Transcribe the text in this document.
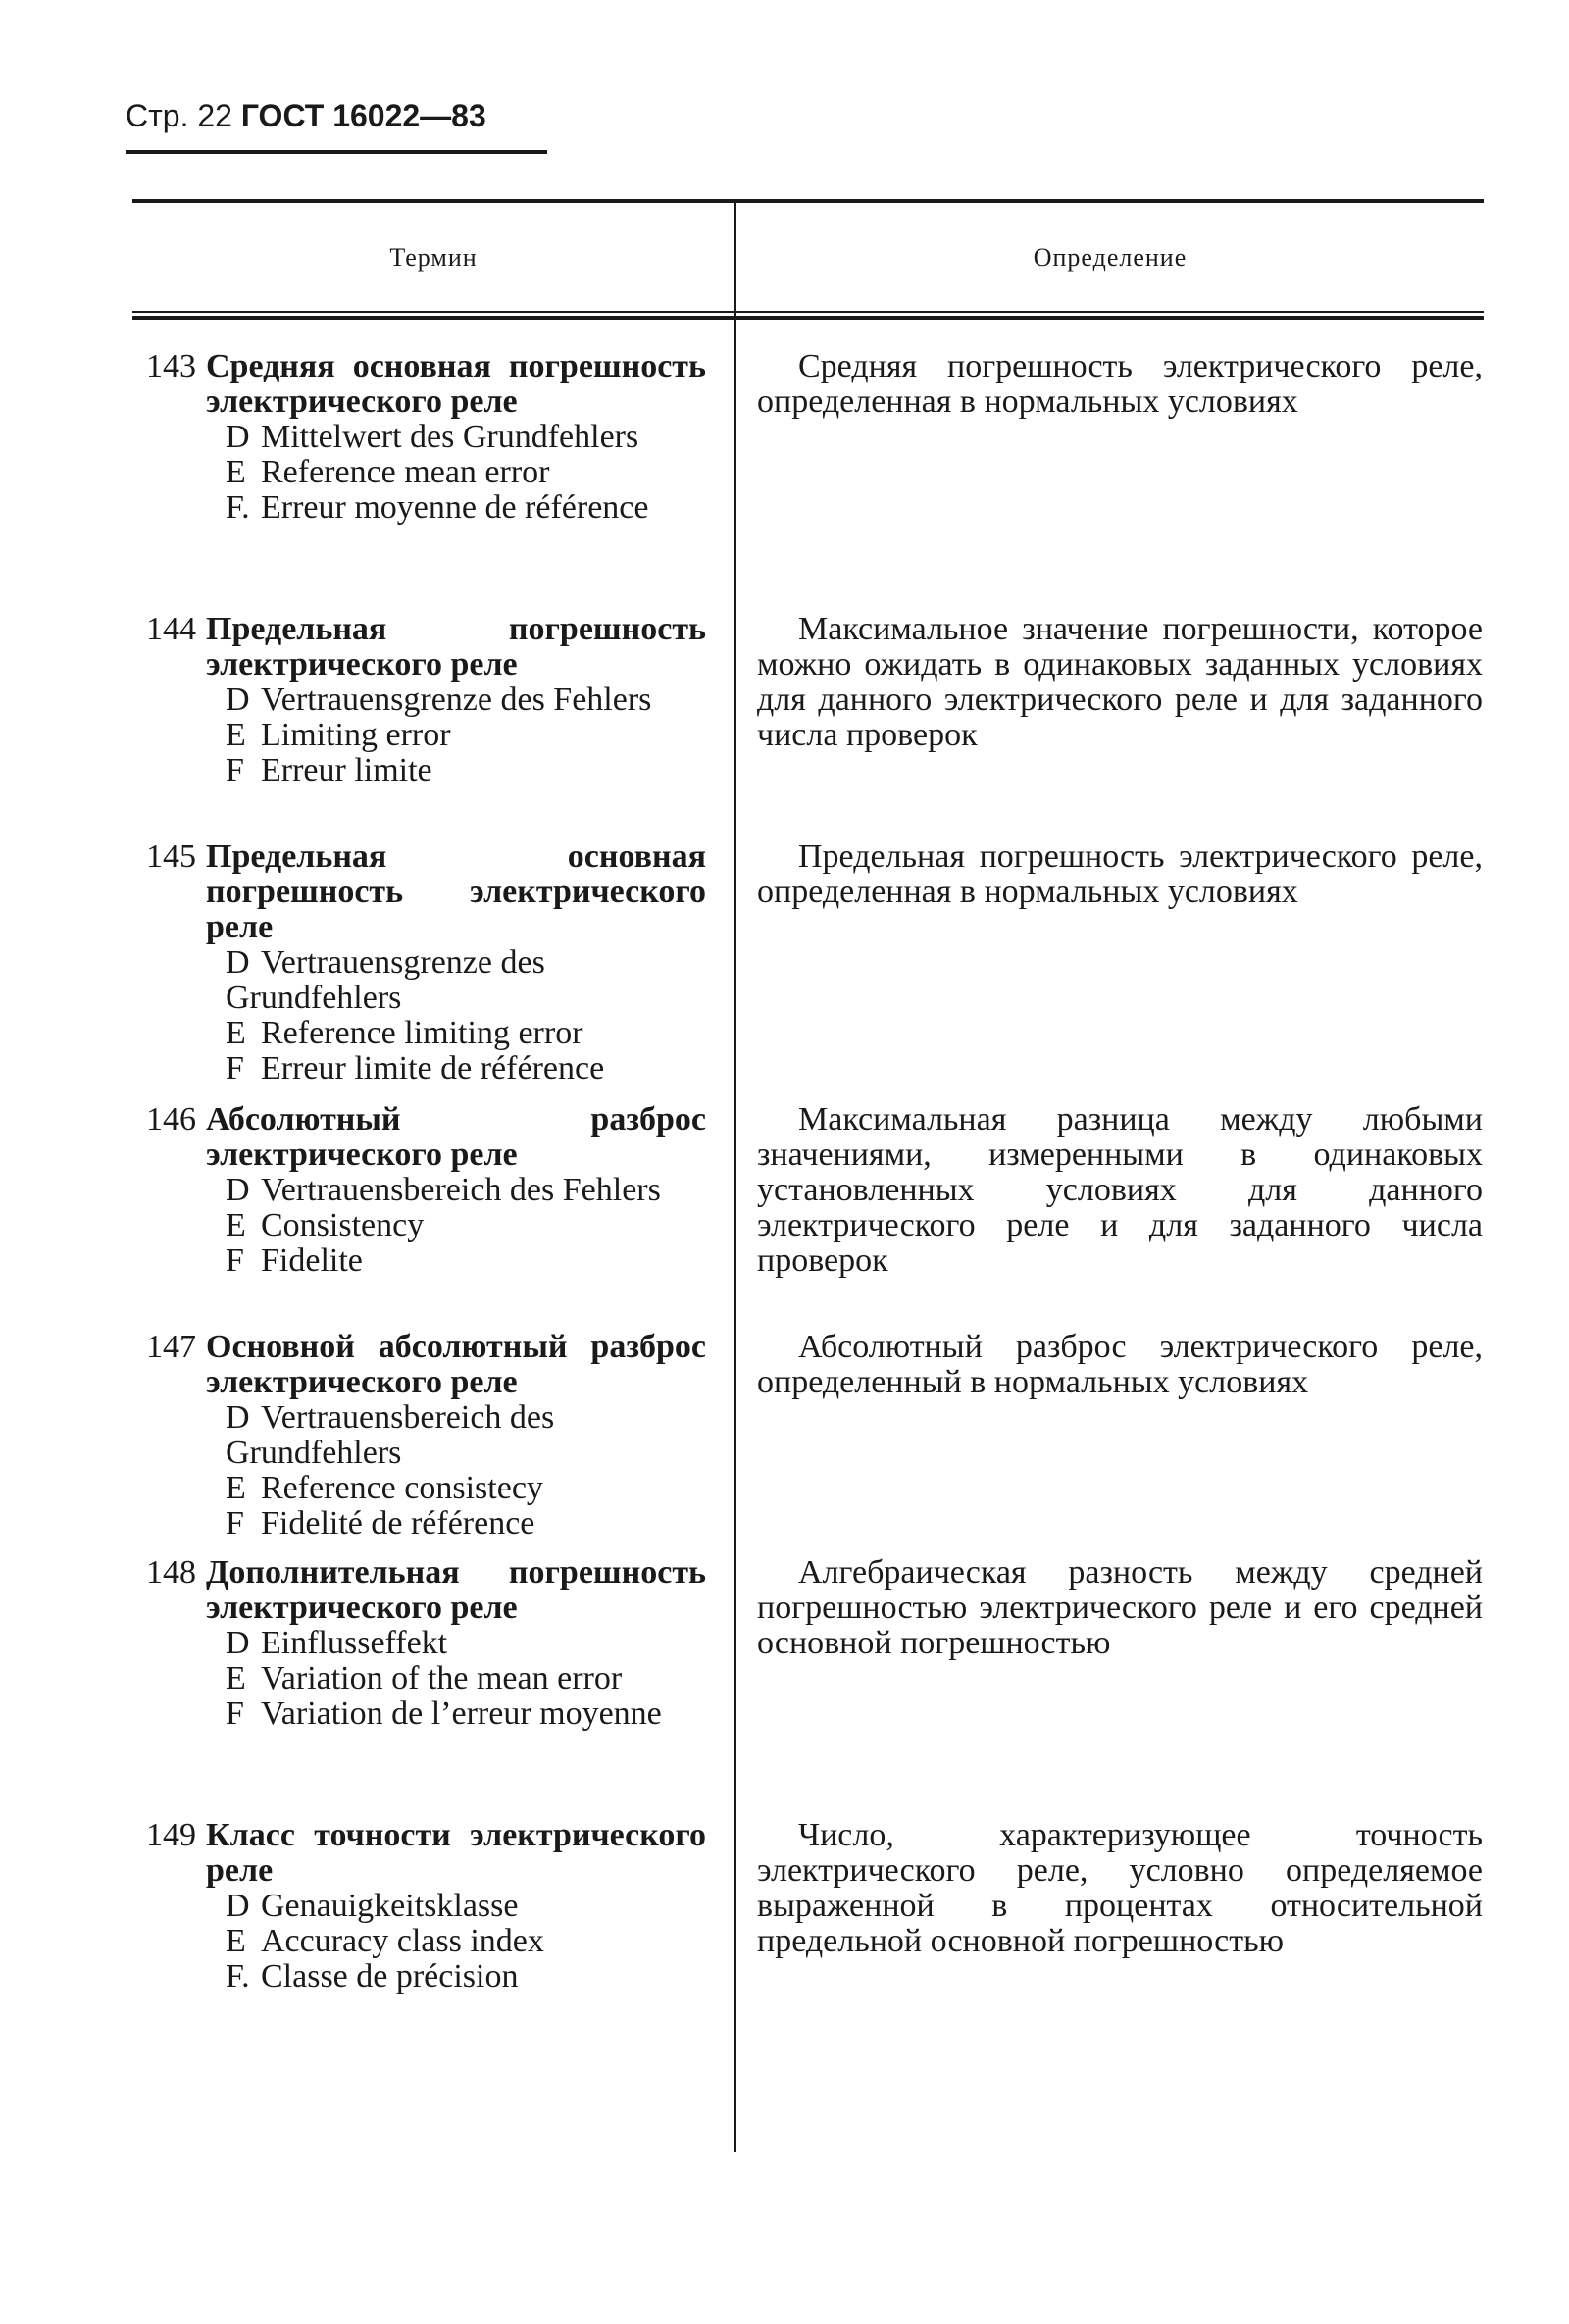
Стр. 22 ГОСТ 16022—83
Термин	Определение
143 Средняя основная погрешность электрического реле
D Mittelwert des Grundfehlers
E Reference mean error
F. Erreur moyenne de référence
Средняя погрешность электрического реле, определенная в нормальных условиях
144 Предельная погрешность электрического реле
D Vertrauensgrenze des Fehlers
E Limiting error
F Erreur limite
Максимальное значение погрешности, которое можно ожидать в одинаковых заданных условиях для данного электрического реле и для заданного числа проверок
145 Предельная основная погрешность электрического реле
D Vertrauensgrenze des Grundfehlers
E Reference limiting error
F Erreur limite de référence
Предельная погрешность электрического реле, определенная в нормальных условиях
146 Абсолютный разброс электрического реле
D Vertrauensbereich des Fehlers
E Consistency
F Fidelite
Максимальная разница между любыми значениями, измеренными в одинаковых установленных условиях для данного электрического реле и для заданного числа проверок
147 Основной абсолютный разброс электрического реле
D Vertrauensbereich des Grundfehlers
E Reference consistecy
F Fidelité de référence
Абсолютный разброс электрического реле, определенный в нормальных условиях
148 Дополнительная погрешность электрического реле
D Einflusseffekt
E Variation of the mean error
F Variation de l’erreur moyenne
Алгебраическая разность между средней погрешностью электрического реле и его средней основной погрешностью
149 Класс точности электрического реле
D Genauigkeitsklasse
E Accuracy class index
F. Classe de précision
Число, характеризующее точность электрического реле, условно определяемое выраженной в процентах относительной предельной основной погрешностью
